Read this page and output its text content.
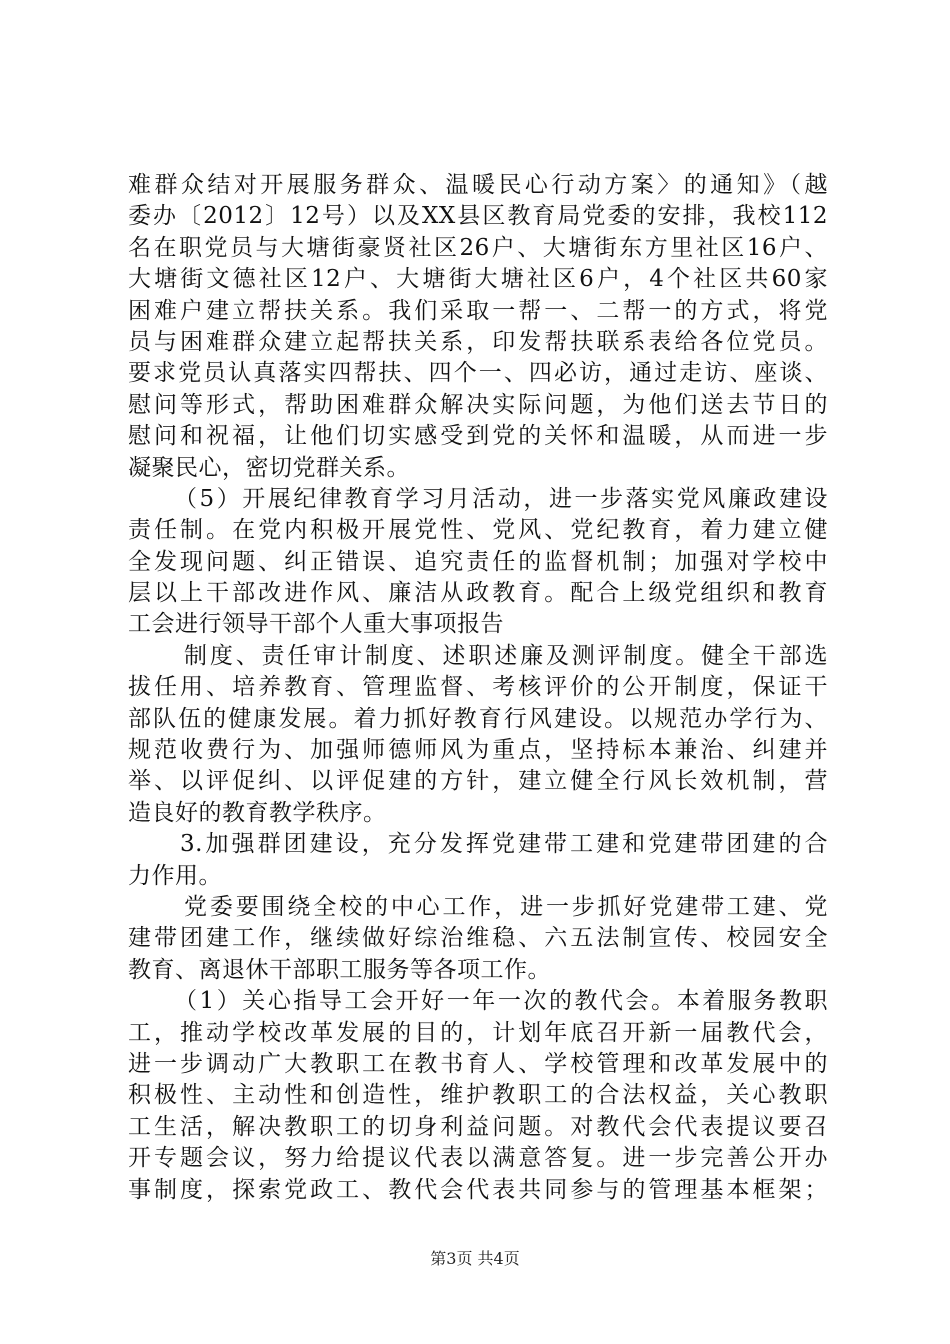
难群众结对开展服务群众、温暖民心行动方案〉的通知》（越
委办〔2012〕12号）以及XX县区教育局党委的安排，我校112
名在职党员与大塘街豪贤社区26户、大塘街东方里社区16户、
大塘街文德社区12户、大塘街大塘社区6户，4个社区共60家
困难户建立帮扶关系。我们采取一帮一、二帮一的方式，将党
员与困难群众建立起帮扶关系，印发帮扶联系表给各位党员。
要求党员认真落实四帮扶、四个一、四必访，通过走访、座谈、
慰问等形式，帮助困难群众解决实际问题，为他们送去节日的
慰问和祝福，让他们切实感受到党的关怀和温暖，从而进一步
凝聚民心，密切党群关系。
（5）开展纪律教育学习月活动，进一步落实党风廉政建设
责任制。在党内积极开展党性、党风、党纪教育，着力建立健
全发现问题、纠正错误、追究责任的监督机制；加强对学校中
层以上干部改进作风、廉洁从政教育。配合上级党组织和教育
工会进行领导干部个人重大事项报告
制度、责任审计制度、述职述廉及测评制度。健全干部选
拔任用、培养教育、管理监督、考核评价的公开制度，保证干
部队伍的健康发展。着力抓好教育行风建设。以规范办学行为、
规范收费行为、加强师德师风为重点，坚持标本兼治、纠建并
举、以评促纠、以评促建的方针，建立健全行风长效机制，营
造良好的教育教学秩序。
3.加强群团建设，充分发挥党建带工建和党建带团建的合
力作用。
党委要围绕全校的中心工作，进一步抓好党建带工建、党
建带团建工作，继续做好综治维稳、六五法制宣传、校园安全
教育、离退休干部职工服务等各项工作。
（1）关心指导工会开好一年一次的教代会。本着服务教职
工，推动学校改革发展的目的，计划年底召开新一届教代会，
进一步调动广大教职工在教书育人、学校管理和改革发展中的
积极性、主动性和创造性，维护教职工的合法权益，关心教职
工生活，解决教职工的切身利益问题。对教代会代表提议要召
开专题会议，努力给提议代表以满意答复。进一步完善公开办
事制度，探索党政工、教代会代表共同参与的管理基本框架；
第3页 共4页
